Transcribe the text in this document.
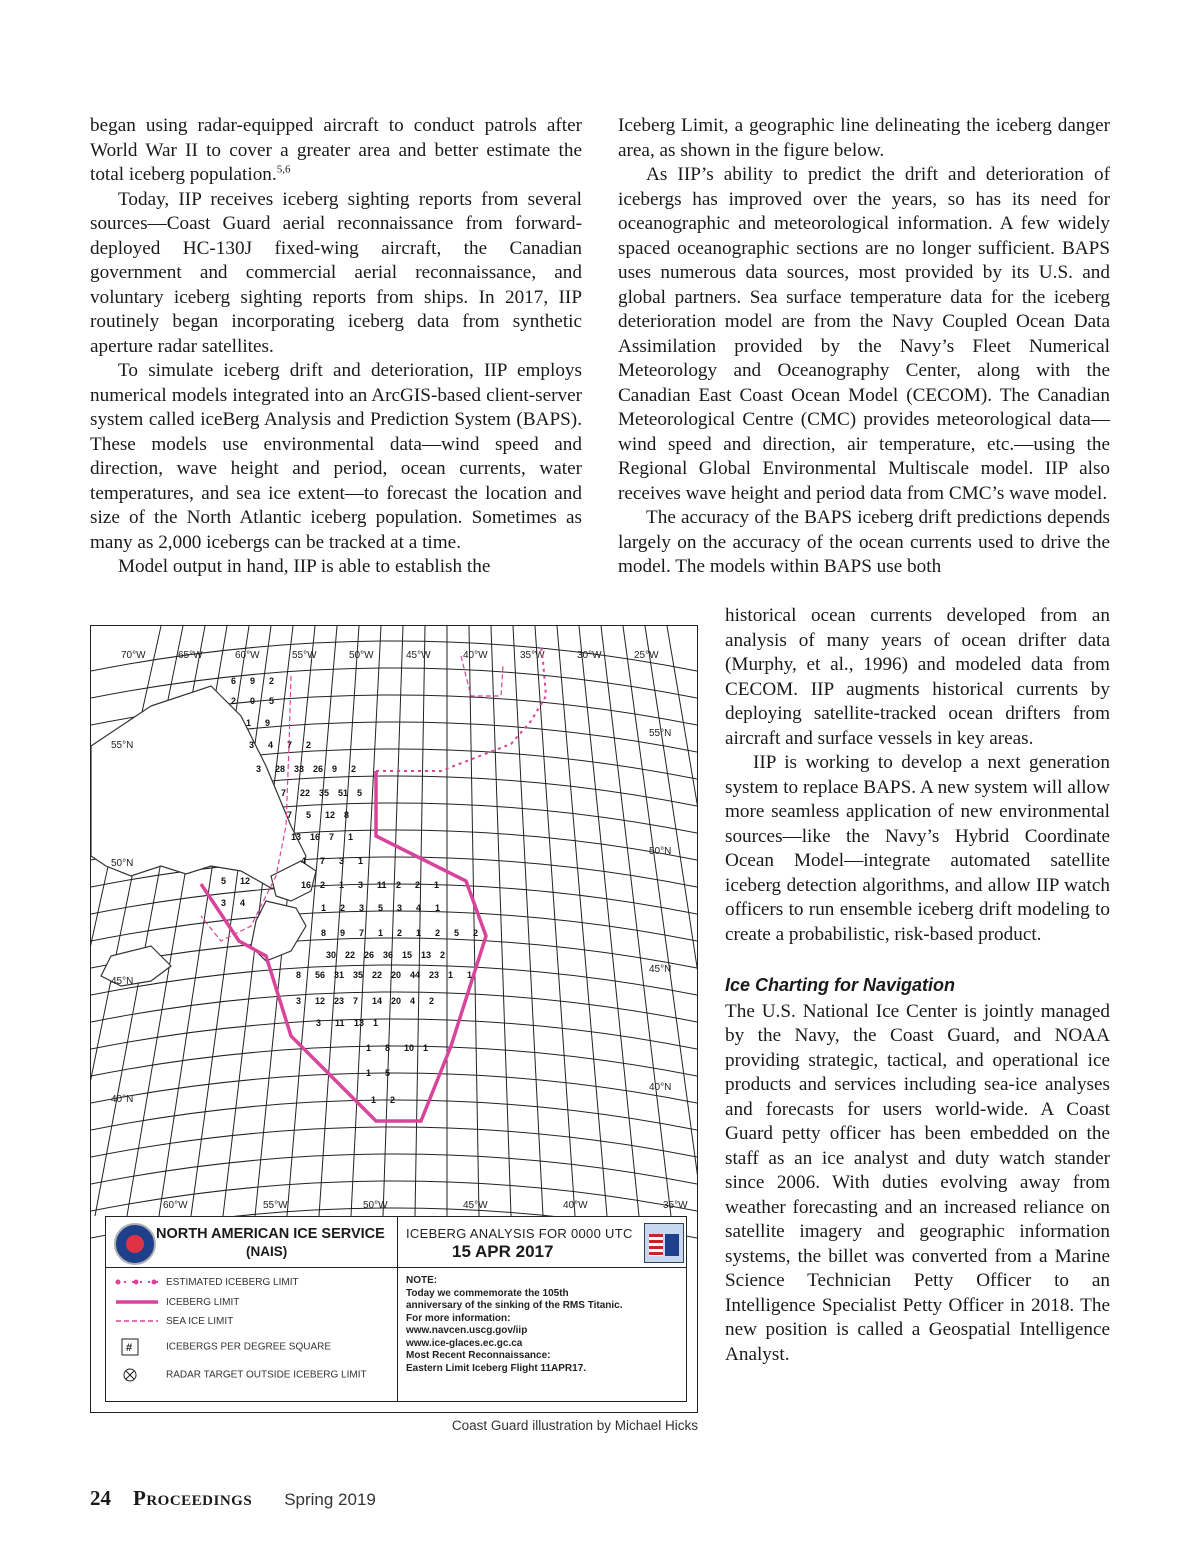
began using radar-equipped aircraft to conduct patrols after World War II to cover a greater area and better estimate the total iceberg population.$^{5,6}$

Today, IIP receives iceberg sighting reports from several sources—Coast Guard aerial reconnaissance from forward-deployed HC-130J fixed-wing aircraft, the Canadian government and commercial aerial reconnaissance, and voluntary iceberg sighting reports from ships. In 2017, IIP routinely began incorporating iceberg data from synthetic aperture radar satellites.

To simulate iceberg drift and deterioration, IIP employs numerical models integrated into an ArcGIS-based client-server system called iceBerg Analysis and Prediction System (BAPS). These models use environmental data—wind speed and direction, wave height and period, ocean currents, water temperatures, and sea ice extent—to forecast the location and size of the North Atlantic iceberg population. Sometimes as many as 2,000 icebergs can be tracked at a time.

Model output in hand, IIP is able to establish the

Iceberg Limit, a geographic line delineating the iceberg danger area, as shown in the figure below.

As IIP’s ability to predict the drift and deterioration of icebergs has improved over the years, so has its need for oceanographic and meteorological information. A few widely spaced oceanographic sections are no longer sufficient. BAPS uses numerous data sources, most provided by its U.S. and global partners. Sea surface temperature data for the iceberg deterioration model are from the Navy Coupled Ocean Data Assimilation provided by the Navy’s Fleet Numerical Meteorology and Oceanography Center, along with the Canadian East Coast Ocean Model (CECOM). The Canadian Meteorological Centre (CMC) provides meteorological data—wind speed and direction, air temperature, etc.—using the Regional Global Environmental Multiscale model. IIP also receives wave height and period data from CMC’s wave model.

The accuracy of the BAPS iceberg drift predictions depends largely on the accuracy of the ocean currents used to drive the model. The models within BAPS use both

historical ocean currents developed from an analysis of many years of ocean drifter data (Murphy, et al., 1996) and modeled data from CECOM. IIP augments historical currents by deploying satellite-tracked ocean drifters from aircraft and surface vessels in key areas.

IIP is working to develop a next generation system to replace BAPS. A new system will allow more seamless application of new environmental sources—like the Navy’s Hybrid Coordinate Ocean Model—integrate automated satellite iceberg detection algorithms, and allow IIP watch officers to run ensemble iceberg drift modeling to create a probabilistic, risk-based product.

Ice Charting for Navigation

The U.S. National Ice Center is jointly managed by the Navy, the Coast Guard, and NOAA providing strategic, tactical, and operational ice products and services including sea-ice analyses and forecasts for users world-wide. A Coast Guard petty officer has been embedded on the staff as an ice analyst and duty watch stander since 2006. With duties evolving away from weather forecasting and an increased reliance on satellite imagery and geographic information systems, the billet was converted from a Marine Science Technician Petty Officer to an Intelligence Specialist Petty Officer in 2018. The new position is called a Geospatial Intelligence Analyst.

70°W	65°W	60°W	55°W	50°W	45°W	40°W	35°W	30°W	25°W
55°N
50°N
45°N
40°N
55°N
50°N
45°N
40°N
60°W	55°W	50°W	45°W	40°W	35°W
6 9 2
2 0 5
1 9
3 4 7 2
3 28 33 26 9 2
7 22 35 51 5
7 5 12 8
13 16 7 1
4 7 3 1
5 12	16 2 1 3 11 2 2 1
3 4	1 2 3 5 3 4 1
8 9 7 1 2 1 2 5 2
30 22 26 36 15 13 2
8 56 31 35 22 20 44 23 1 1
3 12 23 7 14 20 4 2
3 11 13 1
1 8 10 1
1 5
1 2
NORTH AMERICAN ICE SERVICE
(NAIS)
ICEBERG ANALYSIS FOR 0000 UTC
15 APR 2017
ESTIMATED ICEBERG LIMIT
ICEBERG LIMIT
SEA ICE LIMIT
#	ICEBERGS PER DEGREE SQUARE
RADAR TARGET OUTSIDE ICEBERG LIMIT
NOTE:
Today we commemorate the 105th
anniversary of the sinking of the RMS Titanic.
For more information:
www.navcen.uscg.gov/iip
www.ice-glaces.ec.gc.ca
Most Recent Reconnaissance:
Eastern Limit Iceberg Flight 11APR17.
Coast Guard illustration by Michael Hicks
24 Proceedings Spring 2019
